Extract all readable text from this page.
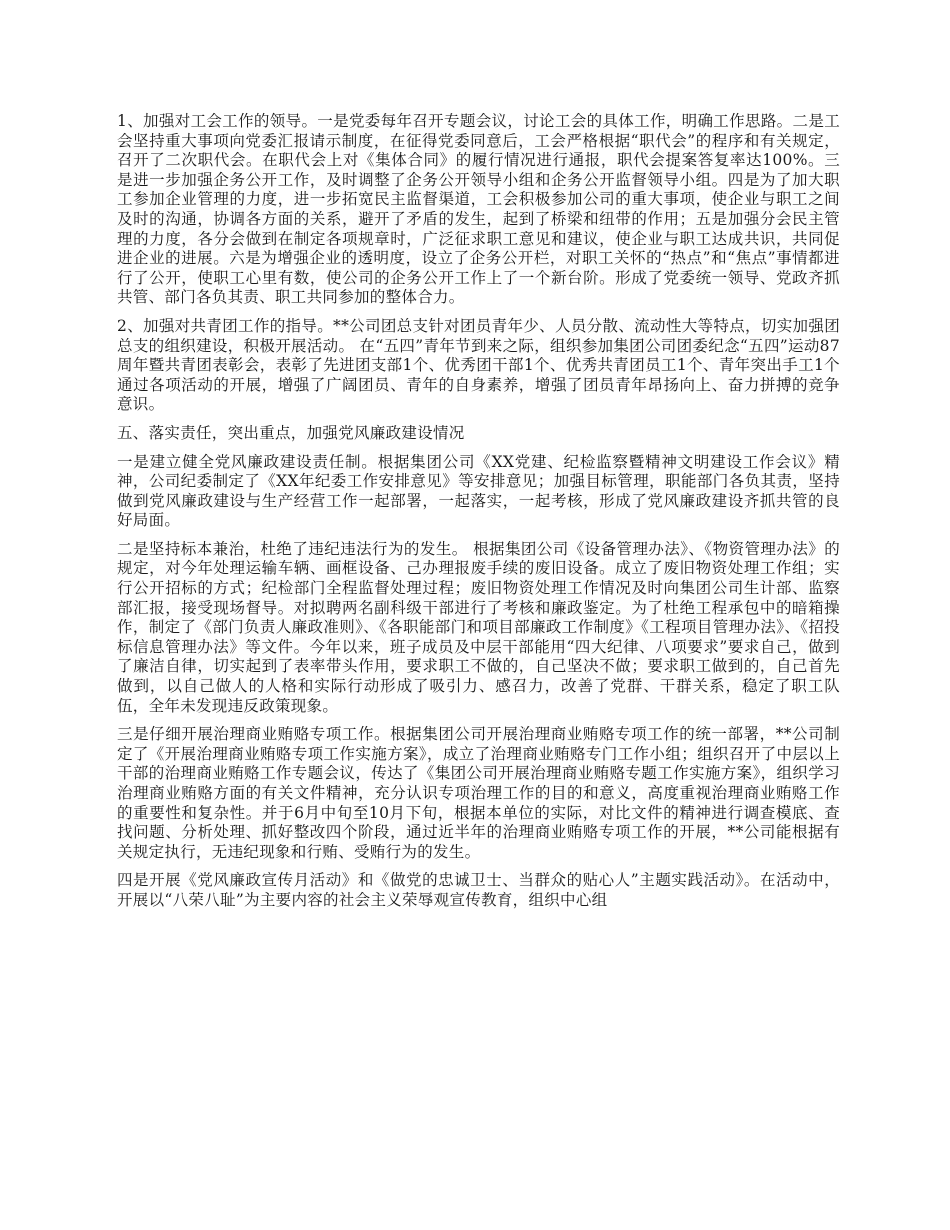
1、加强对工会工作的领导。一是党委每年召开专题会议，讨论工会的具体工作，明确工作思路。二是工会坚持重大事项向党委汇报请示制度，在征得党委同意后，工会严格根据“职代会”的程序和有关规定，召开了二次职代会。在职代会上对《集体合同》的履行情况进行通报，职代会提案答复率达100%。三是进一步加强企务公开工作，及时调整了企务公开领导小组和企务公开监督领导小组。四是为了加大职工参加企业管理的力度，进一步拓宽民主监督渠道，工会积极参加公司的重大事项，使企业与职工之间及时的沟通，协调各方面的关系，避开了矛盾的发生，起到了桥梁和纽带的作用；五是加强分会民主管理的力度，各分会做到在制定各项规章时，广泛征求职工意见和建议，使企业与职工达成共识，共同促进企业的进展。六是为增强企业的透明度，设立了企务公开栏，对职工关怀的“热点”和“焦点”事情都进行了公开，使职工心里有数，使公司的企务公开工作上了一个新台阶。形成了党委统一领导、党政齐抓共管、部门各负其责、职工共同参加的整体合力。

2、加强对共青团工作的指导。**公司团总支针对团员青年少、人员分散、流动性大等特点，切实加强团总支的组织建设，积极开展活动。 在“五四”青年节到来之际，组织参加集团公司团委纪念“五四”运动87周年暨共青团表彰会，表彰了先进团支部1个、优秀团干部1个、优秀共青团员工1个、青年突出手工1个通过各项活动的开展，增强了广阔团员、青年的自身素养，增强了团员青年昂扬向上、奋力拼搏的竞争意识。

五、落实责任，突出重点，加强党风廉政建设情况

一是建立健全党风廉政建设责任制。根据集团公司《XX党建、纪检监察暨精神文明建设工作会议》精神，公司纪委制定了《XX年纪委工作安排意见》等安排意见；加强目标管理，职能部门各负其责，坚持做到党风廉政建设与生产经营工作一起部署，一起落实，一起考核，形成了党风廉政建设齐抓共管的良好局面。

二是坚持标本兼治，杜绝了违纪违法行为的发生。 根据集团公司《设备管理办法》、《物资管理办法》的规定，对今年处理运输车辆、画框设备、己办理报废手续的废旧设备。成立了废旧物资处理工作组；实行公开招标的方式；纪检部门全程监督处理过程；废旧物资处理工作情况及时向集团公司生计部、监察部汇报，接受现场督导。对拟聘两名副科级干部进行了考核和廉政鉴定。为了杜绝工程承包中的暗箱操作，制定了《部门负责人廉政准则》、《各职能部门和项目部廉政工作制度》《工程项目管理办法》、《招投标信息管理办法》等文件。今年以来，班子成员及中层干部能用“四大纪律、八项要求”要求自己，做到了廉洁自律，切实起到了表率带头作用，要求职工不做的，自己坚决不做；要求职工做到的，自己首先做到，以自己做人的人格和实际行动形成了吸引力、感召力，改善了党群、干群关系，稳定了职工队伍，全年未发现违反政策现象。

三是仔细开展治理商业贿赂专项工作。根据集团公司开展治理商业贿赂专项工作的统一部署，**公司制定了《开展治理商业贿赂专项工作实施方案》，成立了治理商业贿赂专门工作小组；组织召开了中层以上干部的治理商业贿赂工作专题会议，传达了《集团公司开展治理商业贿赂专题工作实施方案》，组织学习治理商业贿赂方面的有关文件精神，充分认识专项治理工作的目的和意义，高度重视治理商业贿赂工作的重要性和复杂性。并于6月中旬至10月下旬，根据本单位的实际，对比文件的精神进行调查模底、查找问题、分析处理、抓好整改四个阶段，通过近半年的治理商业贿赂专项工作的开展，**公司能根据有关规定执行，无违纪现象和行贿、受贿行为的发生。

四是开展《党风廉政宣传月活动》和《做党的忠诚卫士、当群众的贴心人”主题实践活动》。在活动中，开展以“八荣八耻”为主要内容的社会主义荣辱观宣传教育，组织中心组
